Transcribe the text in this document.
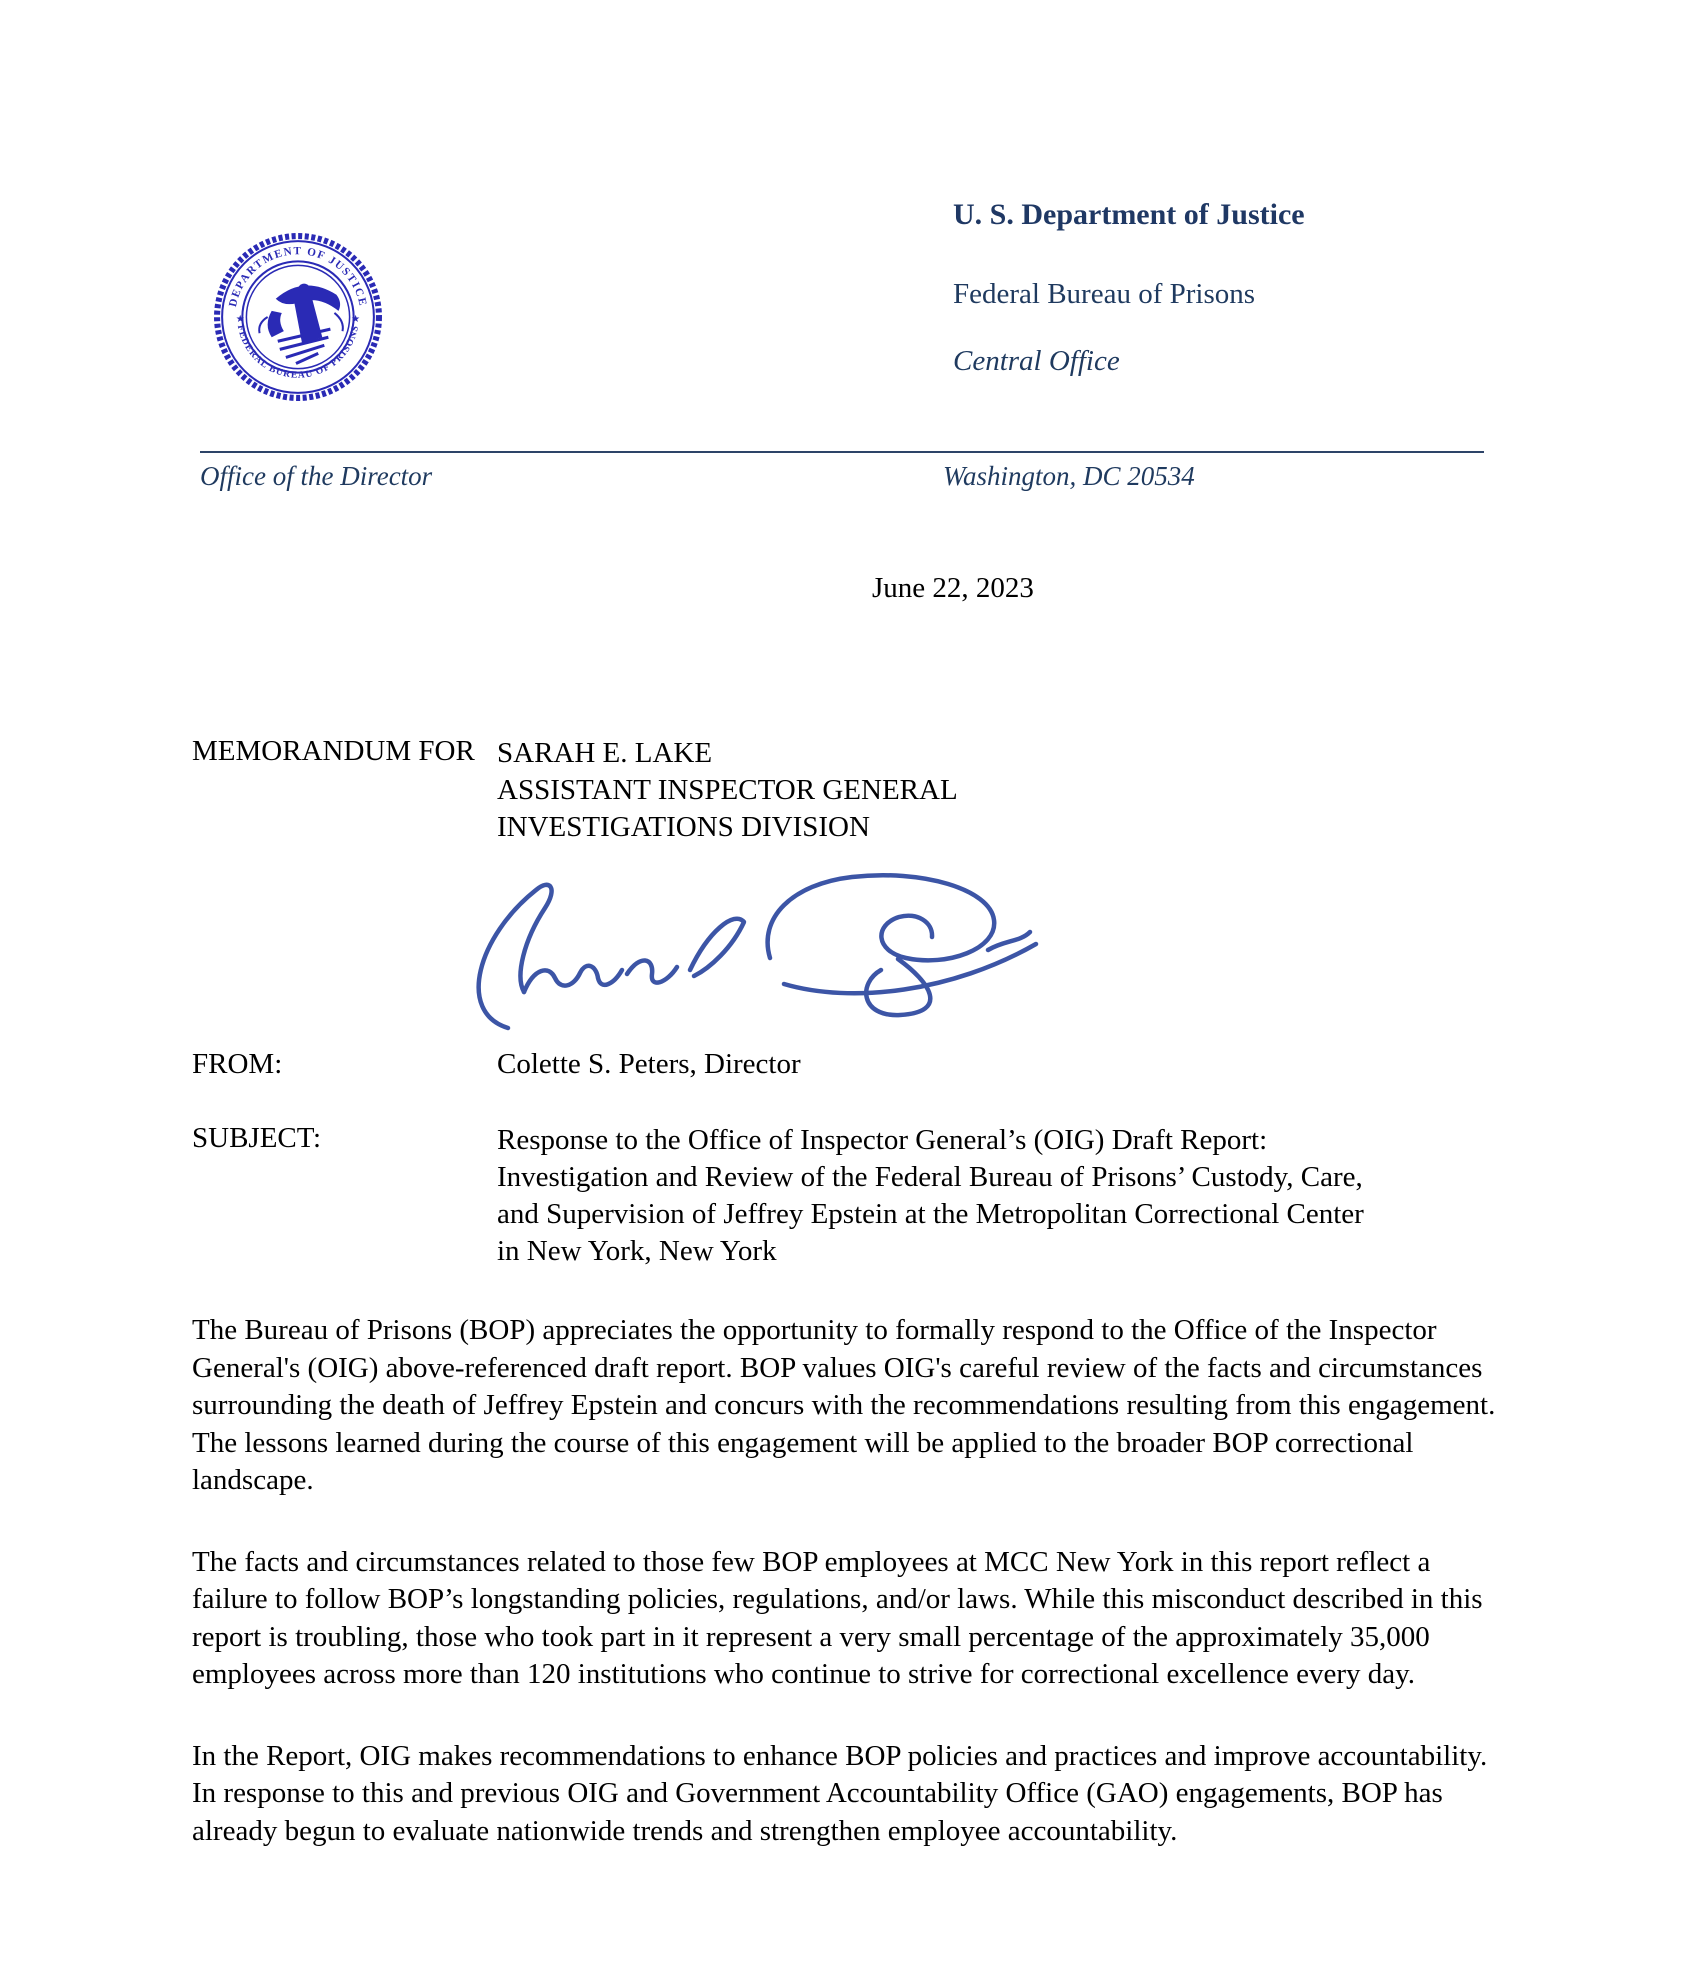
DEPARTMENT OF JUSTICE
FEDERAL BUREAU OF PRISONS
★	★
U. S. Department of Justice
Federal Bureau of Prisons
Central Office
Office of the Director	Washington, DC 20534
June 22, 2023
MEMORANDUM FOR SARAH E. LAKE
ASSISTANT INSPECTOR GENERAL
INVESTIGATIONS DIVISION
FROM:	Colette S. Peters, Director
SUBJECT:	Response to the Office of Inspector General’s (OIG) Draft Report:
Investigation and Review of the Federal Bureau of Prisons’ Custody, Care,
and Supervision of Jeffrey Epstein at the Metropolitan Correctional Center
in New York, New York

The Bureau of Prisons (BOP) appreciates the opportunity to formally respond to the Office of the Inspector General's (OIG) above-referenced draft report. BOP values OIG's careful review of the facts and circumstances surrounding the death of Jeffrey Epstein and concurs with the recommendations resulting from this engagement. The lessons learned during the course of this engagement will be applied to the broader BOP correctional landscape.

The facts and circumstances related to those few BOP employees at MCC New York in this report reflect a failure to follow BOP’s longstanding policies, regulations, and/or laws. While this misconduct described in this report is troubling, those who took part in it represent a very small percentage of the approximately 35,000 employees across more than 120 institutions who continue to strive for correctional excellence every day.

In the Report, OIG makes recommendations to enhance BOP policies and practices and improve accountability. In response to this and previous OIG and Government Accountability Office (GAO) engagements, BOP has already begun to evaluate nationwide trends and strengthen employee accountability.
